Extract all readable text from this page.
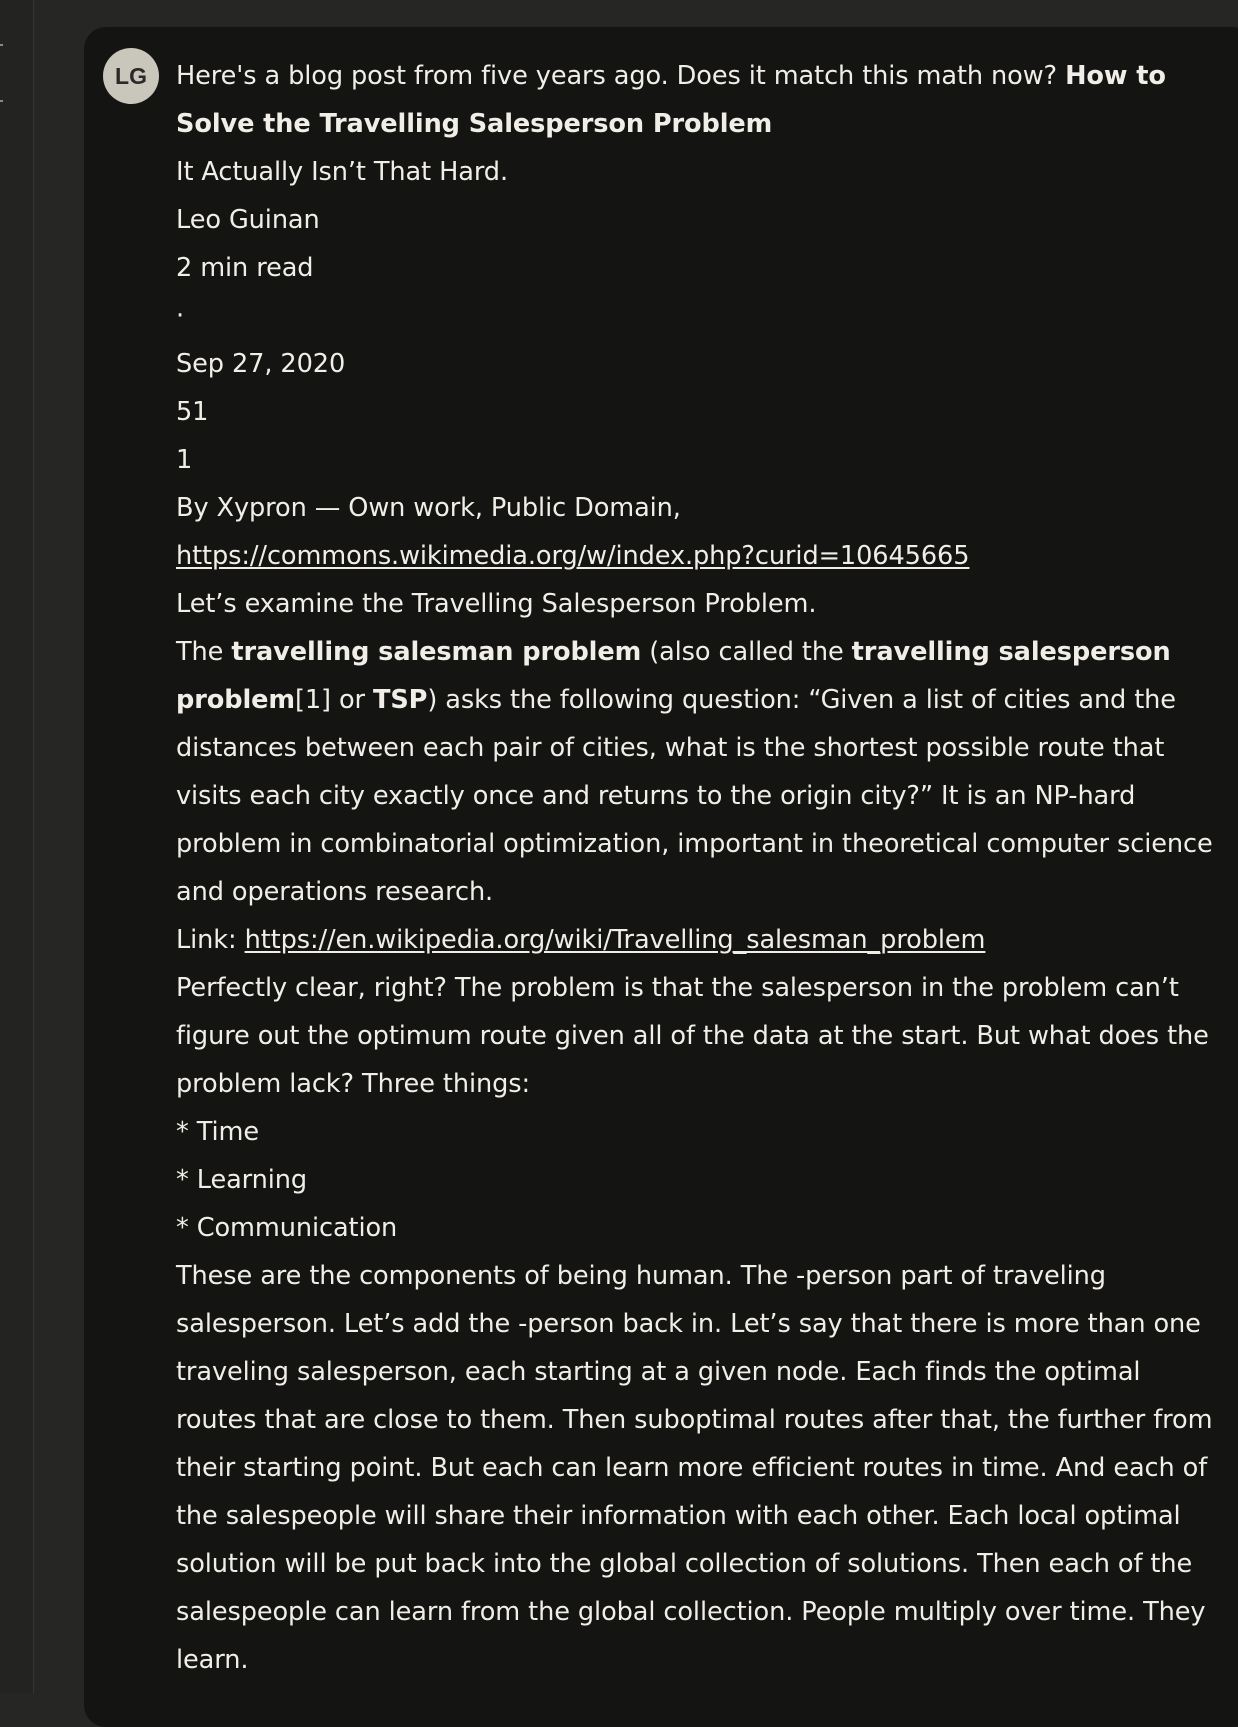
LG Here's a blog post from five years ago. Does it match this math now? How to Solve the Travelling Salesperson Problem

It Actually Isn’t That Hard.

Leo Guinan

2 min read

·

Sep 27, 2020

51

1

By Xypron — Own work, Public Domain,
https://commons.wikimedia.org/w/index.php?curid=10645665

Let’s examine the Travelling Salesperson Problem.

The travelling salesman problem (also called the travelling salesperson problem[1] or TSP) asks the following question: “Given a list of cities and the distances between each pair of cities, what is the shortest possible route that visits each city exactly once and returns to the origin city?” It is an NP-hard problem in combinatorial optimization, important in theoretical computer science and operations research.

Link: https://en.wikipedia.org/wiki/Travelling_salesman_problem

Perfectly clear, right? The problem is that the salesperson in the problem can’t figure out the optimum route given all of the data at the start. But what does the problem lack? Three things:

* Time

* Learning

* Communication

These are the components of being human. The -person part of traveling salesperson. Let’s add the -person back in. Let’s say that there is more than one traveling salesperson, each starting at a given node. Each finds the optimal routes that are close to them. Then suboptimal routes after that, the further from their starting point. But each can learn more efficient routes in time. And each of the salespeople will share their information with each other. Each local optimal solution will be put back into the global collection of solutions. Then each of the salespeople can learn from the global collection. People multiply over time. They learn.
